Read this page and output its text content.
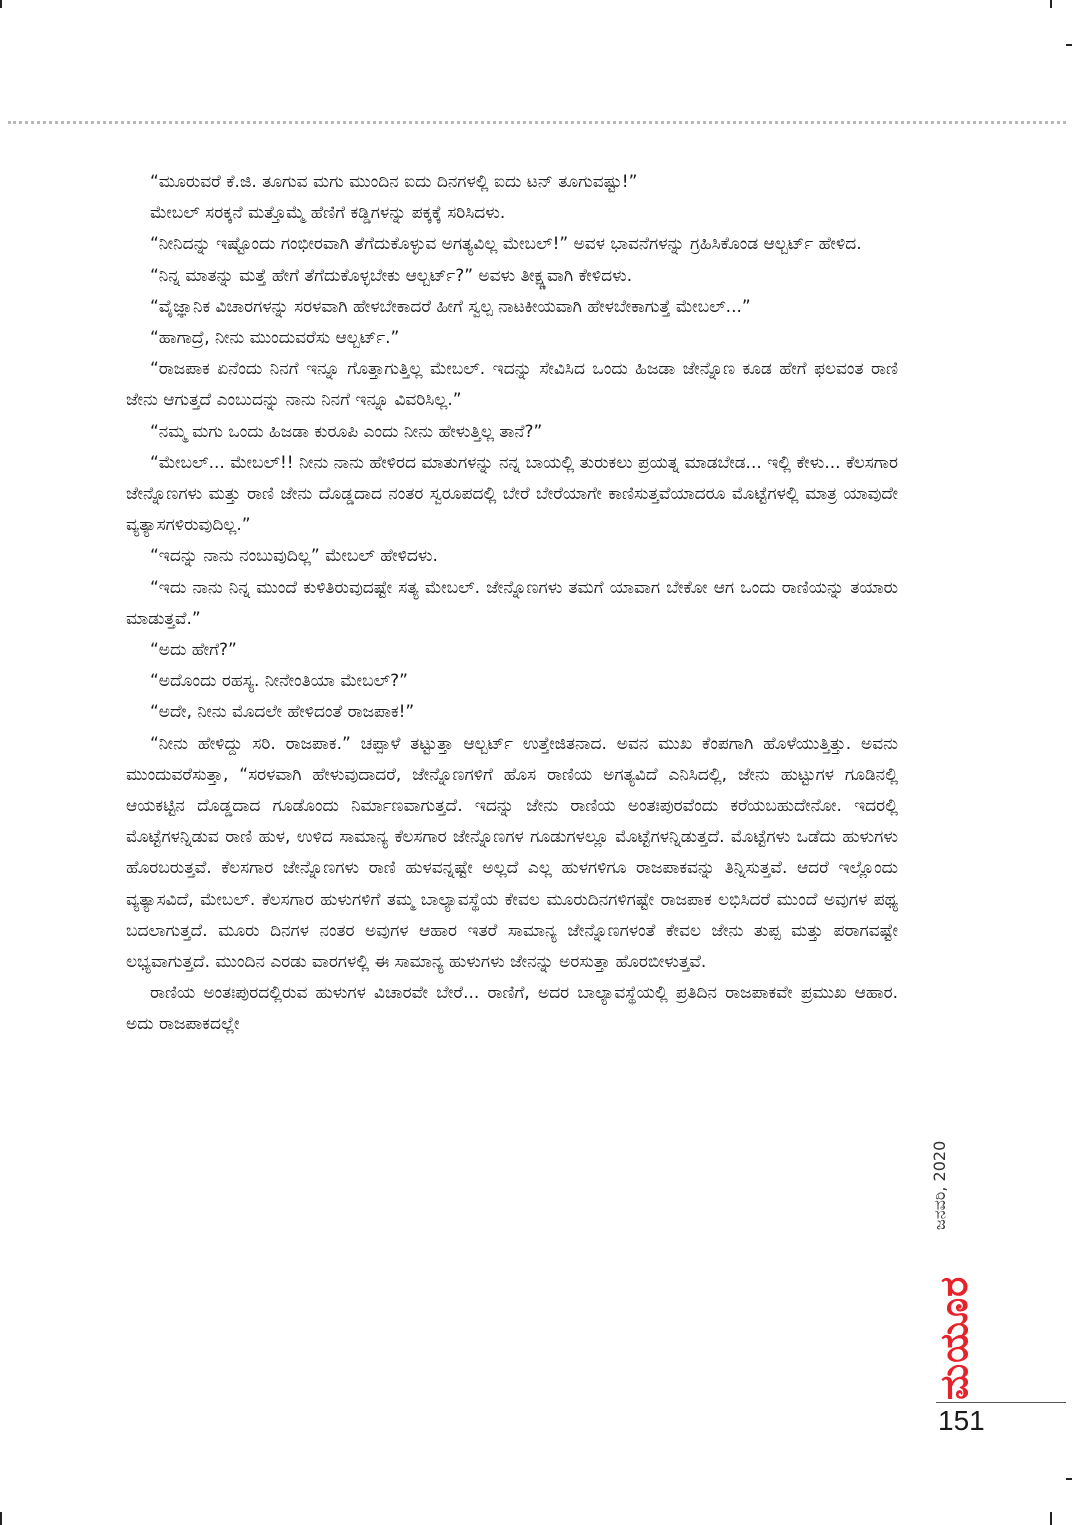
“ಮೂರುವರೆ ಕೆ.ಜಿ. ತೂಗುವ ಮಗು ಮುಂದಿನ ಐದು ದಿನಗಳಲ್ಲಿ ಐದು ಟನ್ ತೂಗುವಷ್ಟು!”

ಮೇಬಲ್ ಸರಕ್ಕನೆ ಮತ್ತೊಮ್ಮೆ ಹೆಣಿಗೆ ಕಡ್ಡಿಗಳನ್ನು ಪಕ್ಕಕ್ಕೆ ಸರಿಸಿದಳು.

“ನೀನಿದನ್ನು ಇಷ್ಟೊಂದು ಗಂಭೀರವಾಗಿ ತೆಗೆದುಕೊಳ್ಳುವ ಅಗತ್ಯವಿಲ್ಲ ಮೇಬಲ್!” ಅವಳ ಭಾವನೆಗಳನ್ನು ಗ್ರಹಿಸಿಕೊಂಡ ಆಲ್ಬರ್ಟ್ ಹೇಳಿದ.

“ನಿನ್ನ ಮಾತನ್ನು ಮತ್ತೆ ಹೇಗೆ ತೆಗೆದುಕೊಳ್ಳಬೇಕು ಆಲ್ಬರ್ಟ್?” ಅವಳು ತೀಕ್ಷ್ಣವಾಗಿ ಕೇಳಿದಳು.

“ವೈಜ್ಞಾನಿಕ ವಿಚಾರಗಳನ್ನು ಸರಳವಾಗಿ ಹೇಳಬೇಕಾದರೆ ಹೀಗೆ ಸ್ವಲ್ಪ ನಾಟಕೀಯವಾಗಿ ಹೇಳಬೇಕಾಗುತ್ತೆ ಮೇಬಲ್...”

“ಹಾಗಾದ್ರೆ, ನೀನು ಮುಂದುವರೆಸು ಆಲ್ಬರ್ಟ್.”

“ರಾಜಪಾಕ ಏನೆಂದು ನಿನಗೆ ಇನ್ನೂ ಗೊತ್ತಾಗುತ್ತಿಲ್ಲ ಮೇಬಲ್. ಇದನ್ನು ಸೇವಿಸಿದ ಒಂದು ಹಿಜಡಾ ಜೇನ್ನೊಣ ಕೂಡ ಹೇಗೆ ಫಲವಂತ ರಾಣಿ ಜೇನು ಆಗುತ್ತದೆ ಎಂಬುದನ್ನು ನಾನು ನಿನಗೆ ಇನ್ನೂ ವಿವರಿಸಿಲ್ಲ.”

“ನಮ್ಮ ಮಗು ಒಂದು ಹಿಜಡಾ ಕುರೂಪಿ ಎಂದು ನೀನು ಹೇಳುತ್ತಿಲ್ಲ ತಾನೆ?”

“ಮೇಬಲ್... ಮೇಬಲ್!! ನೀನು ನಾನು ಹೇಳಿರದ ಮಾತುಗಳನ್ನು ನನ್ನ ಬಾಯಲ್ಲಿ ತುರುಕಲು ಪ್ರಯತ್ನ ಮಾಡಬೇಡ... ಇಲ್ಲಿ ಕೇಳು... ಕೆಲಸಗಾರ ಜೇನ್ನೊಣಗಳು ಮತ್ತು ರಾಣಿ ಜೇನು ದೊಡ್ಡದಾದ ನಂತರ ಸ್ವರೂಪದಲ್ಲಿ ಬೇರೆ ಬೇರೆಯಾಗೇ ಕಾಣಿಸುತ್ತವೆಯಾದರೂ ಮೊಟ್ಟೆಗಳಲ್ಲಿ ಮಾತ್ರ ಯಾವುದೇ ವ್ಯತ್ಯಾಸಗಳಿರುವುದಿಲ್ಲ.”

“ಇದನ್ನು ನಾನು ನಂಬುವುದಿಲ್ಲ” ಮೇಬಲ್ ಹೇಳಿದಳು.

“ಇದು ನಾನು ನಿನ್ನ ಮುಂದೆ ಕುಳಿತಿರುವುದಷ್ಟೇ ಸತ್ಯ ಮೇಬಲ್. ಜೇನ್ನೊಣಗಳು ತಮಗೆ ಯಾವಾಗ ಬೇಕೋ ಆಗ ಒಂದು ರಾಣಿಯನ್ನು ತಯಾರು ಮಾಡುತ್ತವೆ.”

“ಅದು ಹೇಗೆ?”

“ಅದೊಂದು ರಹಸ್ಯ. ನೀನೇಂತಿಯಾ ಮೇಬಲ್?”

“ಅದೇ, ನೀನು ಮೊದಲೇ ಹೇಳಿದಂತೆ ರಾಜಪಾಕ!”

“ನೀನು ಹೇಳಿದ್ದು ಸರಿ. ರಾಜಪಾಕ.” ಚಪ್ಪಾಳೆ ತಟ್ಟುತ್ತಾ ಆಲ್ಬರ್ಟ್ ಉತ್ತೇಜಿತನಾದ. ಅವನ ಮುಖ ಕೆಂಪಗಾಗಿ ಹೊಳೆಯುತ್ತಿತ್ತು. ಅವನು ಮುಂದುವರೆಸುತ್ತಾ, “ಸರಳವಾಗಿ ಹೇಳುವುದಾದರೆ, ಜೇನ್ನೊಣಗಳಿಗೆ ಹೊಸ ರಾಣಿಯ ಅಗತ್ಯವಿದೆ ಎನಿಸಿದಲ್ಲಿ, ಜೇನು ಹುಟ್ಟುಗಳ ಗೂಡಿನಲ್ಲಿ ಆಯಕಟ್ಟಿನ ದೊಡ್ಡದಾದ ಗೂಡೊಂದು ನಿರ್ಮಾಣವಾಗುತ್ತದೆ. ಇದನ್ನು ಜೇನು ರಾಣಿಯ ಅಂತಃಪುರವೆಂದು ಕರೆಯಬಹುದೇನೋ. ಇದರಲ್ಲಿ ಮೊಟ್ಟೆಗಳನ್ನಿಡುವ ರಾಣಿ ಹುಳ, ಉಳಿದ ಸಾಮಾನ್ಯ ಕೆಲಸಗಾರ ಜೇನ್ನೊಣಗಳ ಗೂಡುಗಳಲ್ಲೂ ಮೊಟ್ಟೆಗಳನ್ನಿಡುತ್ತದೆ. ಮೊಟ್ಟೆಗಳು ಒಡೆದು ಹುಳುಗಳು ಹೊರಬರುತ್ತವೆ. ಕೆಲಸಗಾರ ಜೇನ್ನೊಣಗಳು ರಾಣಿ ಹುಳವನ್ನಷ್ಟೇ ಅಲ್ಲದೆ ಎಲ್ಲ ಹುಳಗಳಿಗೂ ರಾಜಪಾಕವನ್ನು ತಿನ್ನಿಸುತ್ತವೆ. ಆದರೆ ಇಲ್ಲೊಂದು ವ್ಯತ್ಯಾಸವಿದೆ, ಮೇಬಲ್. ಕೆಲಸಗಾರ ಹುಳುಗಳಿಗೆ ತಮ್ಮ ಬಾಲ್ಯಾವಸ್ಥೆಯ ಕೇವಲ ಮೂರುದಿನಗಳಿಗಷ್ಟೇ ರಾಜಪಾಕ ಲಭಿಸಿದರೆ ಮುಂದೆ ಅವುಗಳ ಪಥ್ಯ ಬದಲಾಗುತ್ತದೆ. ಮೂರು ದಿನಗಳ ನಂತರ ಅವುಗಳ ಆಹಾರ ಇತರೆ ಸಾಮಾನ್ಯ ಜೇನ್ನೊಣಗಳಂತೆ ಕೇವಲ ಜೇನು ತುಪ್ಪ ಮತ್ತು ಪರಾಗವಷ್ಟೇ ಲಭ್ಯವಾಗುತ್ತದೆ. ಮುಂದಿನ ಎರಡು ವಾರಗಳಲ್ಲಿ ಈ ಸಾಮಾನ್ಯ ಹುಳುಗಳು ಜೇನನ್ನು ಅರಸುತ್ತಾ ಹೊರಬೀಳುತ್ತವೆ.

ರಾಣಿಯ ಅಂತಃಪುರದಲ್ಲಿರುವ ಹುಳುಗಳ ವಿಚಾರವೇ ಬೇರೆ... ರಾಣಿಗೆ, ಅದರ ಬಾಲ್ಯಾವಸ್ಥೆಯಲ್ಲಿ ಪ್ರತಿದಿನ ರಾಜಪಾಕವೇ ಪ್ರಮುಖ ಆಹಾರ. ಅದು ರಾಜಪಾಕದಲ್ಲೇ

ಜನವರಿ, 2020
ಮಯೂರ
151
